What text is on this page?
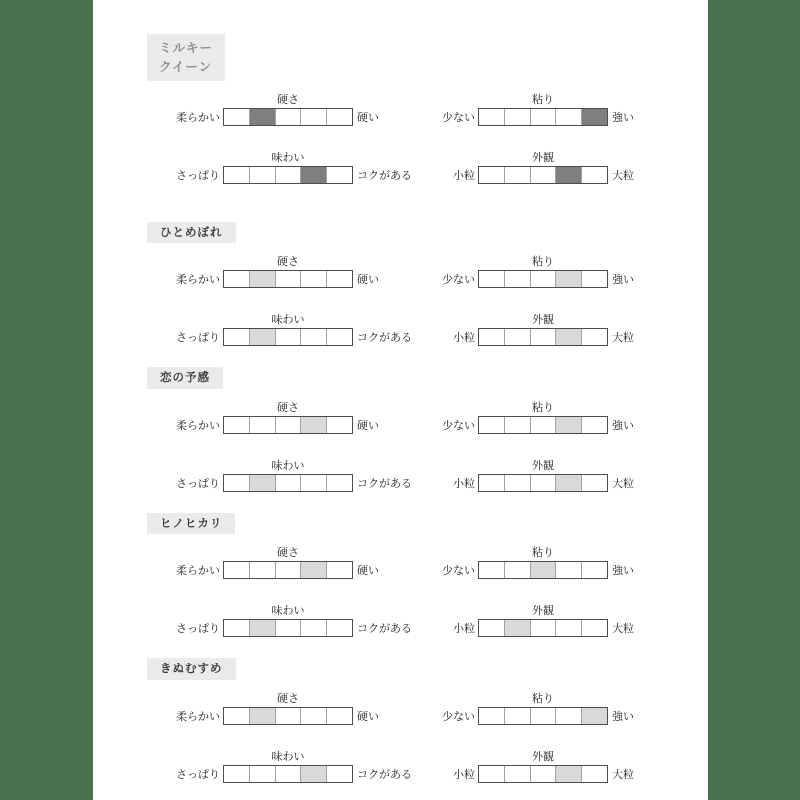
ミルキー
クイーン
硬さ
柔らかい	硬い
粘り
少ない	強い
味わい
さっぱり	コクがある
外観
小粒	大粒
ひとめぼれ
硬さ
柔らかい	硬い
粘り
少ない	強い
味わい
さっぱり	コクがある
外観
小粒	大粒
恋の予感
硬さ
柔らかい	硬い
粘り
少ない	強い
味わい
さっぱり	コクがある
外観
小粒	大粒
ヒノヒカリ
硬さ
柔らかい	硬い
粘り
少ない	強い
味わい
さっぱり	コクがある
外観
小粒	大粒
きぬむすめ
硬さ
柔らかい	硬い
粘り
少ない	強い
味わい
さっぱり	コクがある
外観
小粒	大粒
